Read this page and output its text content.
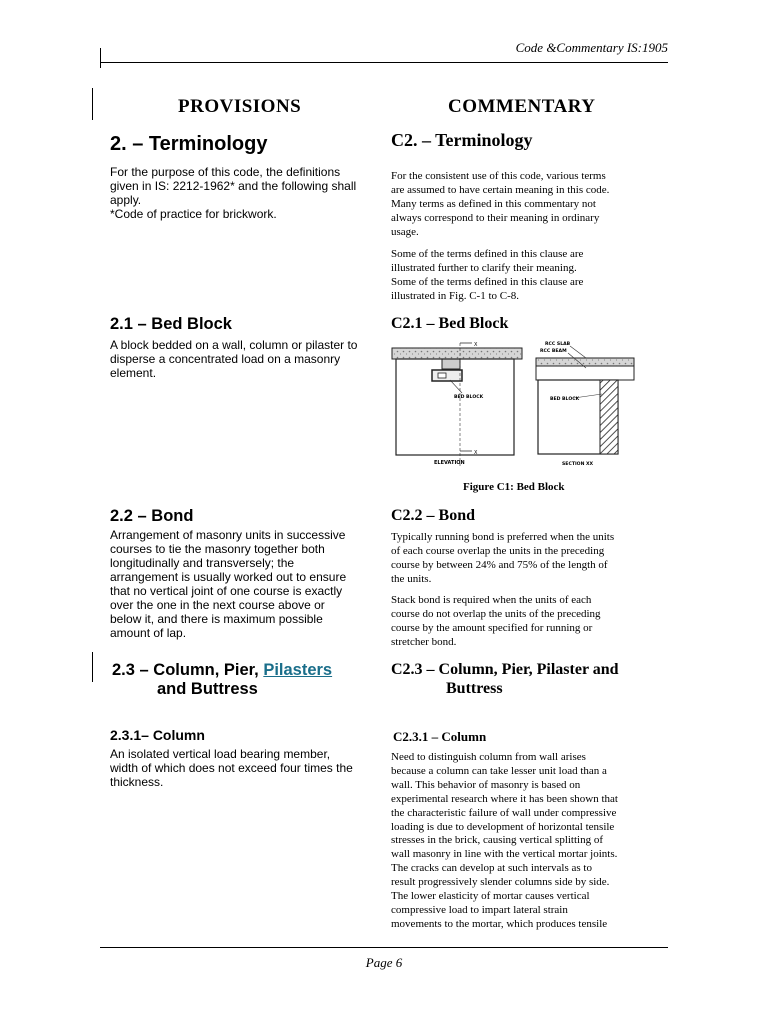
Code &Commentary IS:1905
PROVISIONS	COMMENTARY
2. – Terminology
For the purpose of this code, the definitions
given in IS: 2212-1962* and the following shall
apply.
*Code of practice for brickwork.
C2. – Terminology
For the consistent use of this code, various terms
are assumed to have certain meaning in this code.
Many terms as defined in this commentary not
always correspond to their meaning in ordinary
usage.
Some of the terms defined in this clause are
illustrated further to clarify their meaning.
Some of the terms defined in this clause are
illustrated in Fig. C-1 to C-8.
2.1 – Bed Block
A block bedded on a wall, column or pilaster to
disperse a concentrated load on a masonry
element.
C2.1 – Bed Block
X
X
BED BLOCK
ELEVATION
RCC SLAB
RCC BEAM
BED BLOCK
SECTION XX
Figure C1: Bed Block
2.2 – Bond
Arrangement of masonry units in successive
courses to tie the masonry together both
longitudinally and transversely; the
arrangement is usually worked out to ensure
that no vertical joint of one course is exactly
over the one in the next course above or
below it, and there is maximum possible
amount of lap.
C2.2 – Bond
Typically running bond is preferred when the units
of each course overlap the units in the preceding
course by between 24% and 75% of the length of
the units.
Stack bond is required when the units of each
course do not overlap the units of the preceding
course by the amount specified for running or
stretcher bond.
2.3 – Column, Pier, Pilasters
and Buttress
C2.3 – Column, Pier, Pilaster and
Buttress
2.3.1– Column
An isolated vertical load bearing member,
width of which does not exceed four times the
thickness.
C2.3.1 – Column
Need to distinguish column from wall arises
because a column can take lesser unit load than a
wall. This behavior of masonry is based on
experimental research where it has been shown that
the characteristic failure of wall under compressive
loading is due to development of horizontal tensile
stresses in the brick, causing vertical splitting of
wall masonry in line with the vertical mortar joints.
The cracks can develop at such intervals as to
result progressively slender columns side by side.
The lower elasticity of mortar causes vertical
compressive load to impart lateral strain
movements to the mortar, which produces tensile
Page 6
